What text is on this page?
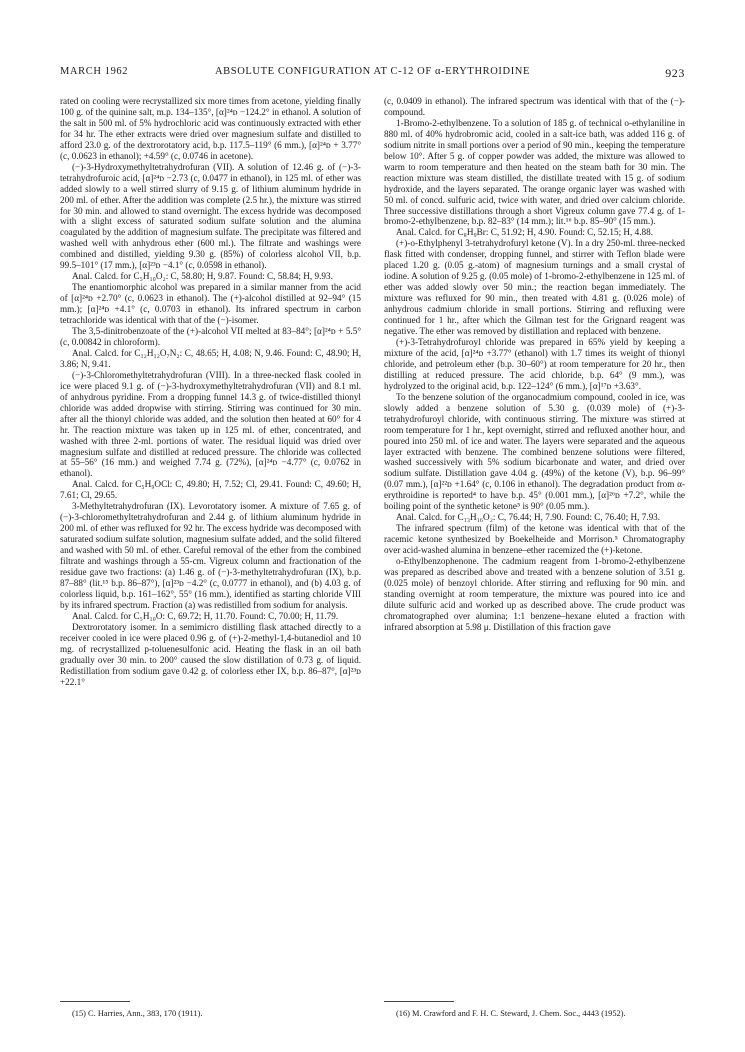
MARCH 1962	ABSOLUTE CONFIGURATION AT C-12 OF α-ERYTHROIDINE	923

rated on cooling were recrystallized six more times from acetone, yielding finally 100 g. of the quinine salt, m.p. 134–135°, [α]²⁴ᴅ −124.2° in ethanol. A solution of the salt in 500 ml. of 5% hydrochloric acid was continuously extracted with ether for 34 hr. The ether extracts were dried over magnesium sulfate and distilled to afford 23.0 g. of the dextrorotatory acid, b.p. 117.5–119° (6 mm.), [α]²⁴ᴅ + 3.77° (c, 0.0623 in ethanol); +4.59° (c, 0.0746 in acetone).

(−)-3-Hydroxymethyltetrahydrofuran (VII). A solution of 12.46 g. of (−)-3-tetrahydrofuroic acid, [α]²⁴ᴅ −2.73 (c, 0.0477 in ethanol), in 125 ml. of ether was added slowly to a well stirred slurry of 9.15 g. of lithium aluminum hydride in 200 ml. of ether. After the addition was complete (2.5 hr.), the mixture was stirred for 30 min. and allowed to stand overnight. The excess hydride was decomposed with a slight excess of saturated sodium sulfate solution and the alumina coagulated by the addition of magnesium sulfate. The precipitate was filtered and washed well with anhydrous ether (600 ml.). The filtrate and washings were combined and distilled, yielding 9.30 g. (85%) of colorless alcohol VII, b.p. 99.5–101° (17 mm.), [α]²³ᴅ −4.1° (c, 0.0598 in ethanol).

Anal. Calcd. for C₅H₁₀O₂: C, 58.80; H, 9.87. Found: C, 58.84; H, 9.93.

The enantiomorphic alcohol was prepared in a similar manner from the acid of [α]²⁴ᴅ +2.70° (c, 0.0623 in ethanol). The (+)-alcohol distilled at 92–94° (15 mm.); [α]²⁴ᴅ +4.1° (c, 0.0703 in ethanol). Its infrared spectrum in carbon tetrachloride was identical with that of the (−)-isomer.

The 3,5-dinitrobenzoate of the (+)-alcohol VII melted at 83–84°; [α]²⁴ᴅ + 5.5° (c, 0.00842 in chloroform).

Anal. Calcd. for C₁₂H₁₂O₇N₂: C, 48.65; H, 4.08; N, 9.46. Found: C, 48.90; H, 3.86; N, 9.41.

(−)-3-Chloromethyltetrahydrofuran (VIII). In a three-necked flask cooled in ice were placed 9.1 g. of (−)-3-hydroxymethyltetrahydrofuran (VII) and 8.1 ml. of anhydrous pyridine. From a dropping funnel 14.3 g. of twice-distilled thionyl chloride was added dropwise with stirring. Stirring was continued for 30 min. after all the thionyl chloride was added, and the solution then heated at 60° for 4 hr. The reaction mixture was taken up in 125 ml. of ether, concentrated, and washed with three 2-ml. portions of water. The residual liquid was dried over magnesium sulfate and distilled at reduced pressure. The chloride was collected at 55–56° (16 mm.) and weighed 7.74 g. (72%), [α]²⁴ᴅ −4.77° (c, 0.0762 in ethanol).

Anal. Calcd. for C₅H₉OCl: C, 49.80; H, 7.52; Cl, 29.41. Found: C, 49.60; H, 7.61; Cl, 29.65.

3-Methyltetrahydrofuran (IX). Levorotatory isomer. A mixture of 7.65 g. of (−)-3-chloromethyltetrahydrofuran and 2.44 g. of lithium aluminum hydride in 200 ml. of ether was refluxed for 92 hr. The excess hydride was decomposed with saturated sodium sulfate solution, magnesium sulfate added, and the solid filtered and washed with 50 ml. of ether. Careful removal of the ether from the combined filtrate and washings through a 55-cm. Vigreux column and fractionation of the residue gave two fractions: (a) 1.46 g. of (−)-3-methyltetrahydrofuran (IX), b.p. 87–88° (lit.¹⁵ b.p. 86–87°), [α]²³ᴅ −4.2° (c, 0.0777 in ethanol), and (b) 4.03 g. of colorless liquid, b.p. 161–162°, 55° (16 mm.), identified as starting chloride VIII by its infrared spectrum. Fraction (a) was redistilled from sodium for analysis.

Anal. Calcd. for C₅H₁₀O: C, 69.72; H, 11.70. Found: C, 70.00; H, 11.79.

Dextrorotatory isomer. In a semimicro distilling flask attached directly to a receiver cooled in ice were placed 0.96 g. of (+)-2-methyl-1,4-butanediol and 10 mg. of recrystallized p-toluenesulfonic acid. Heating the flask in an oil bath gradually over 30 min. to 200° caused the slow distillation of 0.73 g. of liquid. Redistillation from sodium gave 0.42 g. of colorless ether IX, b.p. 86–87°, [α]²³ᴅ +22.1°

(c, 0.0409 in ethanol). The infrared spectrum was identical with that of the (−)-compound.

1-Bromo-2-ethylbenzene. To a solution of 185 g. of technical o-ethylaniline in 880 ml. of 40% hydrobromic acid, cooled in a salt-ice bath, was added 116 g. of sodium nitrite in small portions over a period of 90 min., keeping the temperature below 10°. After 5 g. of copper powder was added, the mixture was allowed to warm to room temperature and then heated on the steam bath for 30 min. The reaction mixture was steam distilled, the distillate treated with 15 g. of sodium hydroxide, and the layers separated. The orange organic layer was washed with 50 ml. of concd. sulfuric acid, twice with water, and dried over calcium chloride. Three successive distillations through a short Vigreux column gave 77.4 g. of 1-bromo-2-ethylbenzene, b.p. 82–83° (14 mm.); lit.¹⁶ b.p. 85–90° (15 mm.).

Anal. Calcd. for C₈H₉Br: C, 51.92; H, 4.90. Found: C, 52.15; H, 4.88.

(+)-o-Ethylphenyl 3-tetrahydrofuryl ketone (V). In a dry 250-ml. three-necked flask fitted with condenser, dropping funnel, and stirrer with Teflon blade were placed 1.20 g. (0.05 g.-atom) of magnesium turnings and a small crystal of iodine. A solution of 9.25 g. (0.05 mole) of 1-bromo-2-ethylbenzene in 125 ml. of ether was added slowly over 50 min.; the reaction began immediately. The mixture was refluxed for 90 min., then treated with 4.81 g. (0.026 mole) of anhydrous cadmium chloride in small portions. Stirring and refluxing were continued for 1 hr., after which the Gilman test for the Grignard reagent was negative. The ether was removed by distillation and replaced with benzene.

(+)-3-Tetrahydrofuroyl chloride was prepared in 65% yield by keeping a mixture of the acid, [α]²⁴ᴅ +3.77° (ethanol) with 1.7 times its weight of thionyl chloride, and petroleum ether (b.p. 30–60°) at room temperature for 20 hr., then distilling at reduced pressure. The acid chloride, b.p. 64° (9 mm.), was hydrolyzed to the original acid, b.p. 122–124° (6 mm.), [α]¹⁷ᴅ +3.63°.

To the benzene solution of the organocadmium compound, cooled in ice, was slowly added a benzene solution of 5.30 g. (0.039 mole) of (+)-3-tetrahydrofuroyl chloride, with continuous stirring. The mixture was stirred at room temperature for 1 hr., kept overnight, stirred and refluxed another hour, and poured into 250 ml. of ice and water. The layers were separated and the aqueous layer extracted with benzene. The combined benzene solutions were filtered, washed successively with 5% sodium bicarbonate and water, and dried over sodium sulfate. Distillation gave 4.04 g. (49%) of the ketone (V), b.p. 96–99° (0.07 mm.), [α]²²ᴅ +1.64° (c, 0.106 in ethanol). The degradation product from α-erythroidine is reported⁴ to have b.p. 45° (0.001 mm.), [α]²⁶ᴅ +7.2°, while the boiling point of the synthetic ketone⁵ is 90° (0.05 mm.).

Anal. Calcd. for C₁₃H₁₆O₂: C, 76.44; H, 7.90. Found: C, 76.40; H, 7.93.

The infrared spectrum (film) of the ketone was identical with that of the racemic ketone synthesized by Boekelheide and Morrison.⁵ Chromatography over acid-washed alumina in benzene–ether racemized the (+)-ketone.

o-Ethylbenzophenone. The cadmium reagent from 1-bromo-2-ethylbenzene was prepared as described above and treated with a benzene solution of 3.51 g. (0.025 mole) of benzoyl chloride. After stirring and refluxing for 90 min. and standing overnight at room temperature, the mixture was poured into ice and dilute sulfuric acid and worked up as described above. The crude product was chromatographed over alumina; 1:1 benzene–hexane eluted a fraction with infrared absorption at 5.98 μ. Distillation of this fraction gave

(15) C. Harries, Ann., 383, 170 (1911).	(16) M. Crawford and F. H. C. Steward, J. Chem. Soc., 4443 (1952).
